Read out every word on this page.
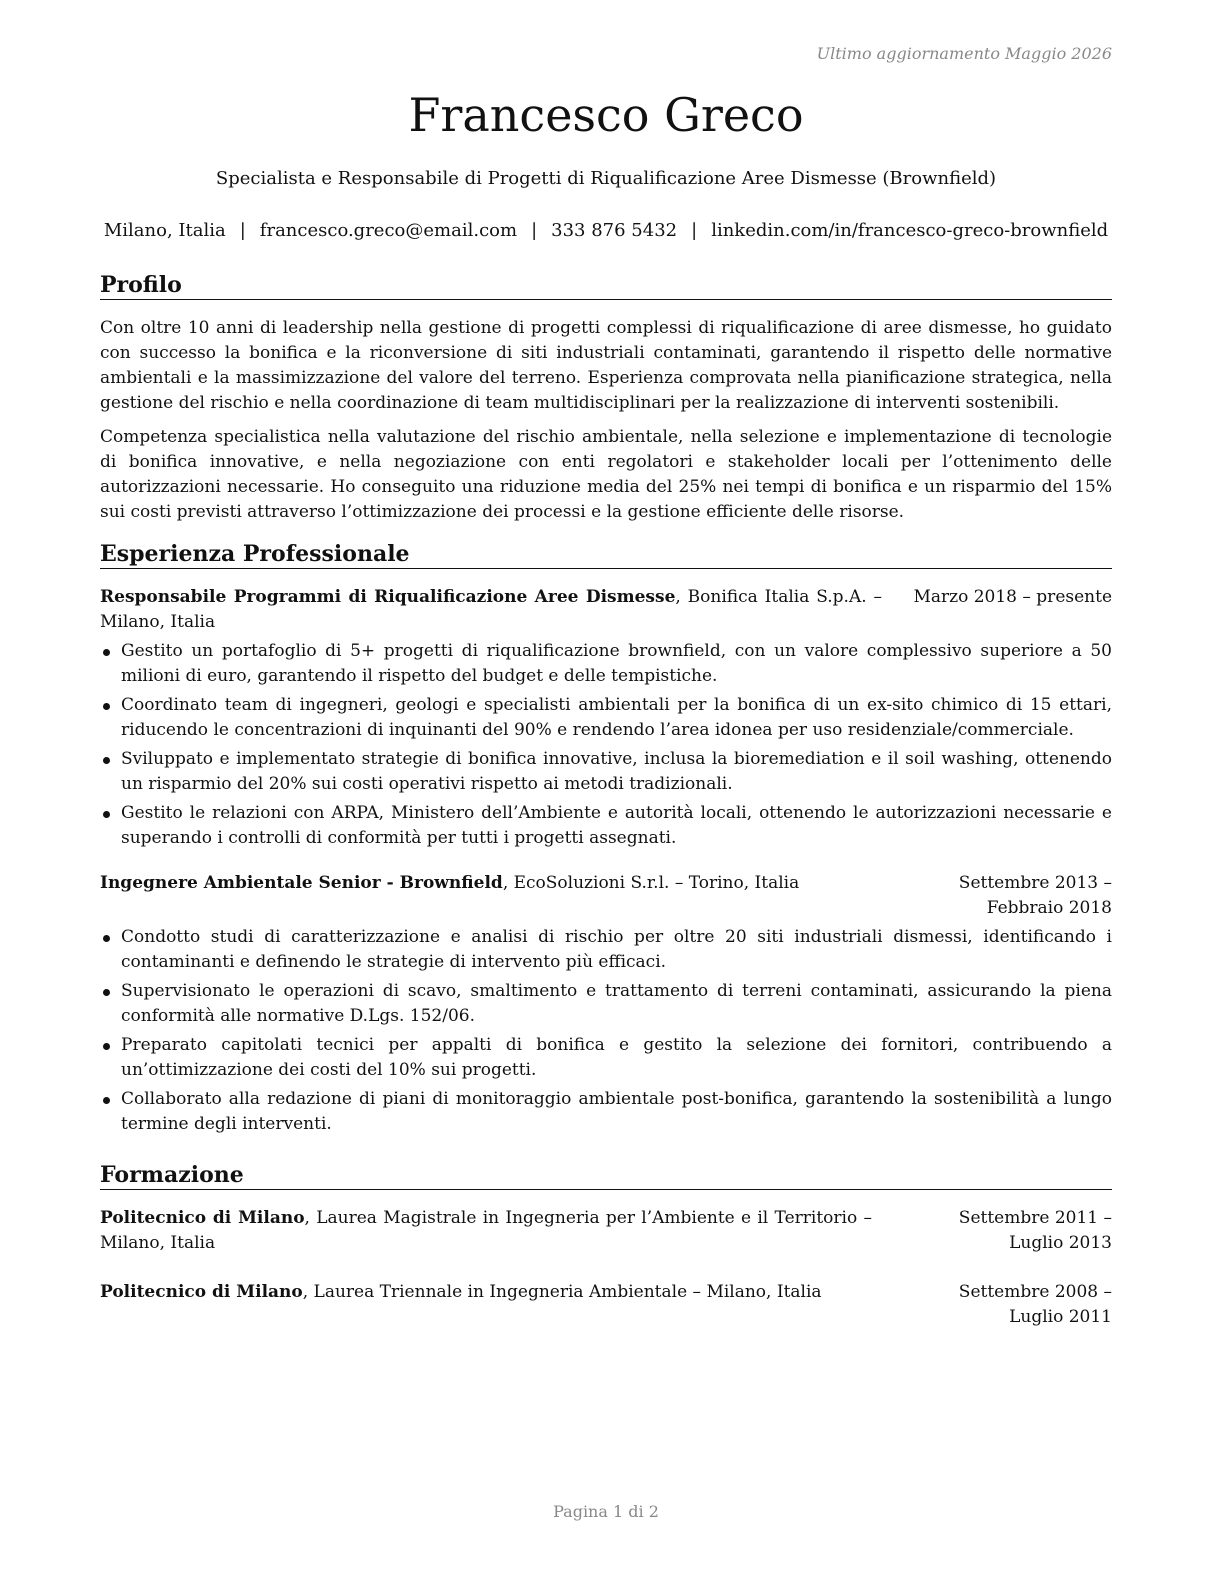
Ultimo aggiornamento Maggio 2026
Francesco Greco
Specialista e Responsabile di Progetti di Riqualificazione Aree Dismesse (Brownfield)
Milano, Italia | francesco.greco@email.com | 333 876 5432 | linkedin.com/in/francesco-greco-brownfield
Profilo

Con oltre 10 anni di leadership nella gestione di progetti complessi di riqualificazione di aree dismesse, ho guidato con successo la bonifica e la riconversione di siti industriali contaminati, garantendo il rispetto delle normative ambientali e la massimizzazione del valore del terreno. Esperienza comprovata nella pianificazione strategica, nella gestione del rischio e nella coordinazione di team multidisciplinari per la realizzazione di interventi sostenibili.

Competenza specialistica nella valutazione del rischio ambientale, nella selezione e implementazione di tecnologie di bonifica innovative, e nella negoziazione con enti regolatori e stakeholder locali per l’ottenimento delle autorizzazioni necessarie. Ho conseguito una riduzione media del 25% nei tempi di bonifica e un risparmio del 15% sui costi previsti attraverso l’ottimizzazione dei processi e la gestione efficiente delle risorse.

Esperienza Professionale
Responsabile Programmi di Riqualificazione Aree Dismesse, Bonifica Italia S.p.A. – Milano, Italia
Marzo 2018 – presente
Gestito un portafoglio di 5+ progetti di riqualificazione brownfield, con un valore complessivo superiore a 50 milioni di euro, garantendo il rispetto del budget e delle tempistiche.
Coordinato team di ingegneri, geologi e specialisti ambientali per la bonifica di un ex-sito chimico di 15 ettari, riducendo le concentrazioni di inquinanti del 90% e rendendo l’area idonea per uso residenziale/commerciale.
Sviluppato e implementato strategie di bonifica innovative, inclusa la bioremediation e il soil washing, ottenendo un risparmio del 20% sui costi operativi rispetto ai metodi tradizionali.
Gestito le relazioni con ARPA, Ministero dell’Ambiente e autorità locali, ottenendo le autorizzazioni necessarie e superando i controlli di conformità per tutti i progetti assegnati.
Ingegnere Ambientale Senior - Brownfield, EcoSoluzioni S.r.l. – Torino, Italia	Settembre 2013 – Febbraio 2018
Condotto studi di caratterizzazione e analisi di rischio per oltre 20 siti industriali dismessi, identificando i contaminanti e definendo le strategie di intervento più efficaci.
Supervisionato le operazioni di scavo, smaltimento e trattamento di terreni contaminati, assicurando la piena conformità alle normative D.Lgs. 152/06.
Preparato capitolati tecnici per appalti di bonifica e gestito la selezione dei fornitori, contribuendo a un’ottimizzazione dei costi del 10% sui progetti.
Collaborato alla redazione di piani di monitoraggio ambientale post-bonifica, garantendo la sostenibilità a lungo termine degli interventi.
Formazione
Politecnico di Milano, Laurea Magistrale in Ingegneria per l’Ambiente e il Territorio – Milano, Italia
Settembre 2011 – Luglio 2013
Politecnico di Milano, Laurea Triennale in Ingegneria Ambientale – Milano, Italia	Settembre 2008 – Luglio 2011
Pagina 1 di 2
